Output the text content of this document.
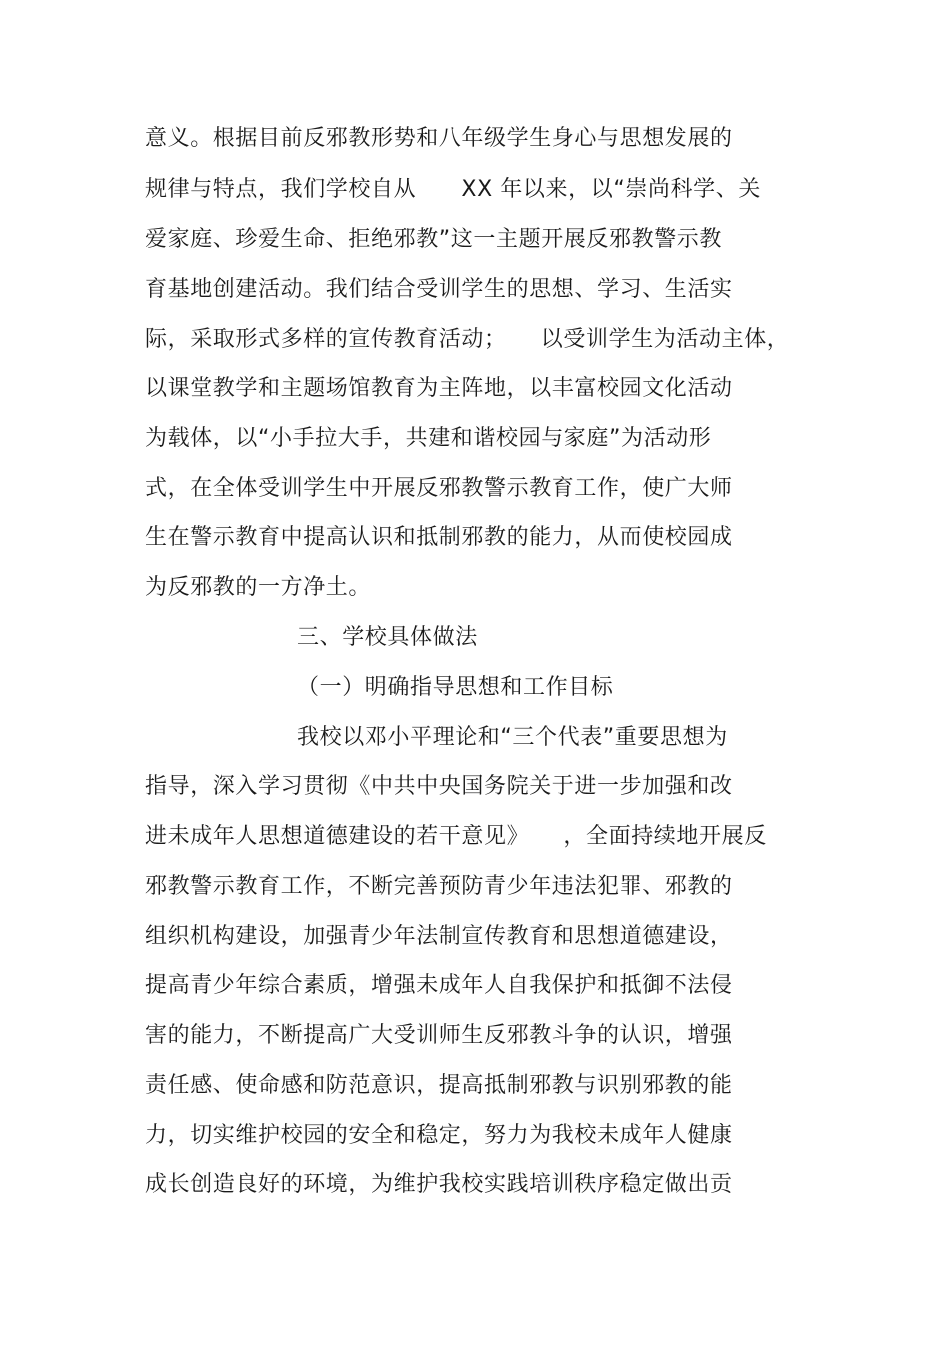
意义。根据目前反邪教形势和八年级学生身心与思想发展的
规律与特点，我们学校自从　　XX 年以来，以“崇尚科学、关
爱家庭、珍爱生命、拒绝邪教”这一主题开展反邪教警示教
育基地创建活动。我们结合受训学生的思想、学习、生活实
际，采取形式多样的宣传教育活动；　　以受训学生为活动主体，
以课堂教学和主题场馆教育为主阵地，以丰富校园文化活动
为载体，以“小手拉大手，共建和谐校园与家庭”为活动形
式，在全体受训学生中开展反邪教警示教育工作，使广大师
生在警示教育中提高认识和抵制邪教的能力，从而使校园成
为反邪教的一方净土。
三、学校具体做法
（一）明确指导思想和工作目标
我校以邓小平理论和“三个代表”重要思想为
指导，深入学习贯彻《中共中央国务院关于进一步加强和改
进未成年人思想道德建设的若干意见》　　，全面持续地开展反
邪教警示教育工作，不断完善预防青少年违法犯罪、邪教的
组织机构建设，加强青少年法制宣传教育和思想道德建设，
提高青少年综合素质，增强未成年人自我保护和抵御不法侵
害的能力，不断提高广大受训师生反邪教斗争的认识，增强
责任感、使命感和防范意识，提高抵制邪教与识别邪教的能
力，切实维护校园的安全和稳定，努力为我校未成年人健康
成长创造良好的环境，为维护我校实践培训秩序稳定做出贡
